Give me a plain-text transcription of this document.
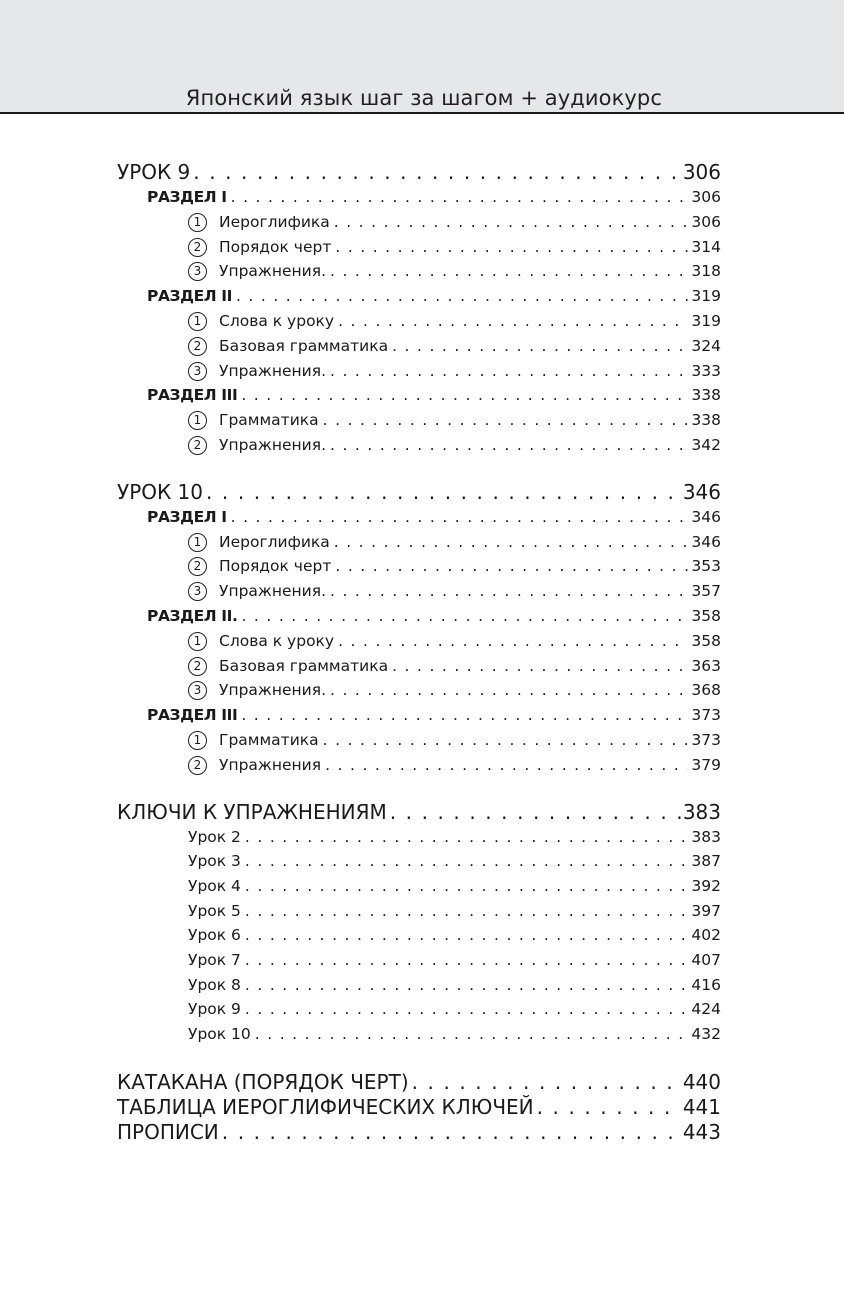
Японский язык шаг за шагом + аудиокурс
УРОК 9 . . .	306
РАЗДЕЛ I . . .	306
1	Иероглифика . . .	306
2	Порядок черт . . .	314
3	Упражнения. . . .	318
РАЗДЕЛ II . . .	319
1	Слова к уроку . . .	319
2	Базовая грамматика . . .	324
3	Упражнения. . . .	333
РАЗДЕЛ III . . .	338
1	Грамматика . . .	338
2	Упражнения. . . .	342
УРОК 10 . . .	346
РАЗДЕЛ I . . .	346
1	Иероглифика . . .	346
2	Порядок черт . . .	353
3	Упражнения. . . .	357
РАЗДЕЛ II. . . .	358
1	Слова к уроку . . .	358
2	Базовая грамматика . . .	363
3	Упражнения. . . .	368
РАЗДЕЛ III . . .	373
1	Грамматика . . .	373
2	Упражнения . . .	379
КЛЮЧИ К УПРАЖНЕНИЯМ . . .	383
Урок 2 . . .	383
Урок 3 . . .	387
Урок 4 . . .	392
Урок 5 . . .	397
Урок 6 . . .	402
Урок 7 . . .	407
Урок 8 . . .	416
Урок 9 . . .	424
Урок 10 . . .	432
КАТАКАНА (ПОРЯДОК ЧЕРТ) . . .	440
ТАБЛИЦА ИЕРОГЛИФИЧЕСКИХ КЛЮЧЕЙ . . .	441
ПРОПИСИ . . .	443
